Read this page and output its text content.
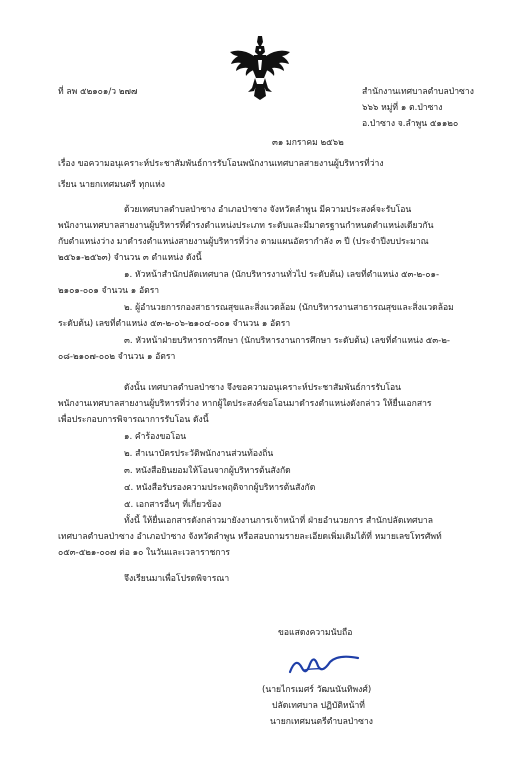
ที่ ลพ ๕๒๑๐๑/ว ๒๗๗	สำนักงานเทศบาลตำบลป่าซาง
๖๖๖ หมู่ที่ ๑ ต.ป่าซาง
อ.ป่าซาง จ.ลำพูน ๕๑๑๒๐
๓๑ มกราคม ๒๕๖๒
เรื่อง ขอความอนุเคราะห์ประชาสัมพันธ์การรับโอนพนักงานเทศบาลสายงานผู้บริหารที่ว่าง
เรียน นายกเทศมนตรี ทุกแห่ง
ด้วยเทศบาลตำบลป่าซาง อำเภอป่าซาง จังหวัดลำพูน มีความประสงค์จะรับโอน
พนักงานเทศบาลสายงานผู้บริหารที่ดำรงตำแหน่งประเภท ระดับและมีมาตรฐานกำหนดตำแหน่งเดียวกัน
กับตำแหน่งว่าง มาดำรงตำแหน่งสายงานผู้บริหารที่ว่าง ตามแผนอัตรากำลัง ๓ ปี (ประจำปีงบประมาณ
๒๕๖๑-๒๕๖๓) จำนวน ๓ ตำแหน่ง ดังนี้
๑. หัวหน้าสำนักปลัดเทศบาล (นักบริหารงานทั่วไป ระดับต้น) เลขที่ตำแหน่ง ๕๓-๒-๐๑-
๒๑๐๑-๐๐๑ จำนวน ๑ อัตรา
๒. ผู้อำนวยการกองสาธารณสุขและสิ่งแวดล้อม (นักบริหารงานสาธารณสุขและสิ่งแวดล้อม
ระดับต้น) เลขที่ตำแหน่ง ๕๓-๒-๐๖-๒๑๐๔-๐๐๑ จำนวน ๑ อัตรา
๓. หัวหน้าฝ่ายบริหารการศึกษา (นักบริหารงานการศึกษา ระดับต้น) เลขที่ตำแหน่ง ๕๓-๒-
๐๘-๒๑๐๗-๐๐๒ จำนวน ๑ อัตรา
ดังนั้น เทศบาลตำบลป่าซาง จึงขอความอนุเคราะห์ประชาสัมพันธ์การรับโอน
พนักงานเทศบาลสายงานผู้บริหารที่ว่าง หากผู้ใดประสงค์ขอโอนมาดำรงตำแหน่งดังกล่าว ให้ยื่นเอกสาร
เพื่อประกอบการพิจารณาการรับโอน ดังนี้
๑. คำร้องขอโอน
๒. สำเนาบัตรประวัติพนักงานส่วนท้องถิ่น
๓. หนังสือยินยอมให้โอนจากผู้บริหารต้นสังกัด
๔. หนังสือรับรองความประพฤติจากผู้บริหารต้นสังกัด
๕. เอกสารอื่นๆ ที่เกี่ยวข้อง
ทั้งนี้ ให้ยื่นเอกสารดังกล่าวมายังงานการเจ้าหน้าที่ ฝ่ายอำนวยการ สำนักปลัดเทศบาล
เทศบาลตำบลป่าซาง อำเภอป่าซาง จังหวัดลำพูน หรือสอบถามรายละเอียดเพิ่มเติมได้ที่ หมายเลขโทรศัพท์
๐๕๓-๕๒๑-๐๐๗ ต่อ ๑๐ ในวันและเวลาราชการ
จึงเรียนมาเพื่อโปรดพิจารณา
ขอแสดงความนับถือ
(นายไกรเมศร์ วัฒนนันทิพงศ์)
ปลัดเทศบาล ปฏิบัติหน้าที่
นายกเทศมนตรีตำบลป่าซาง
